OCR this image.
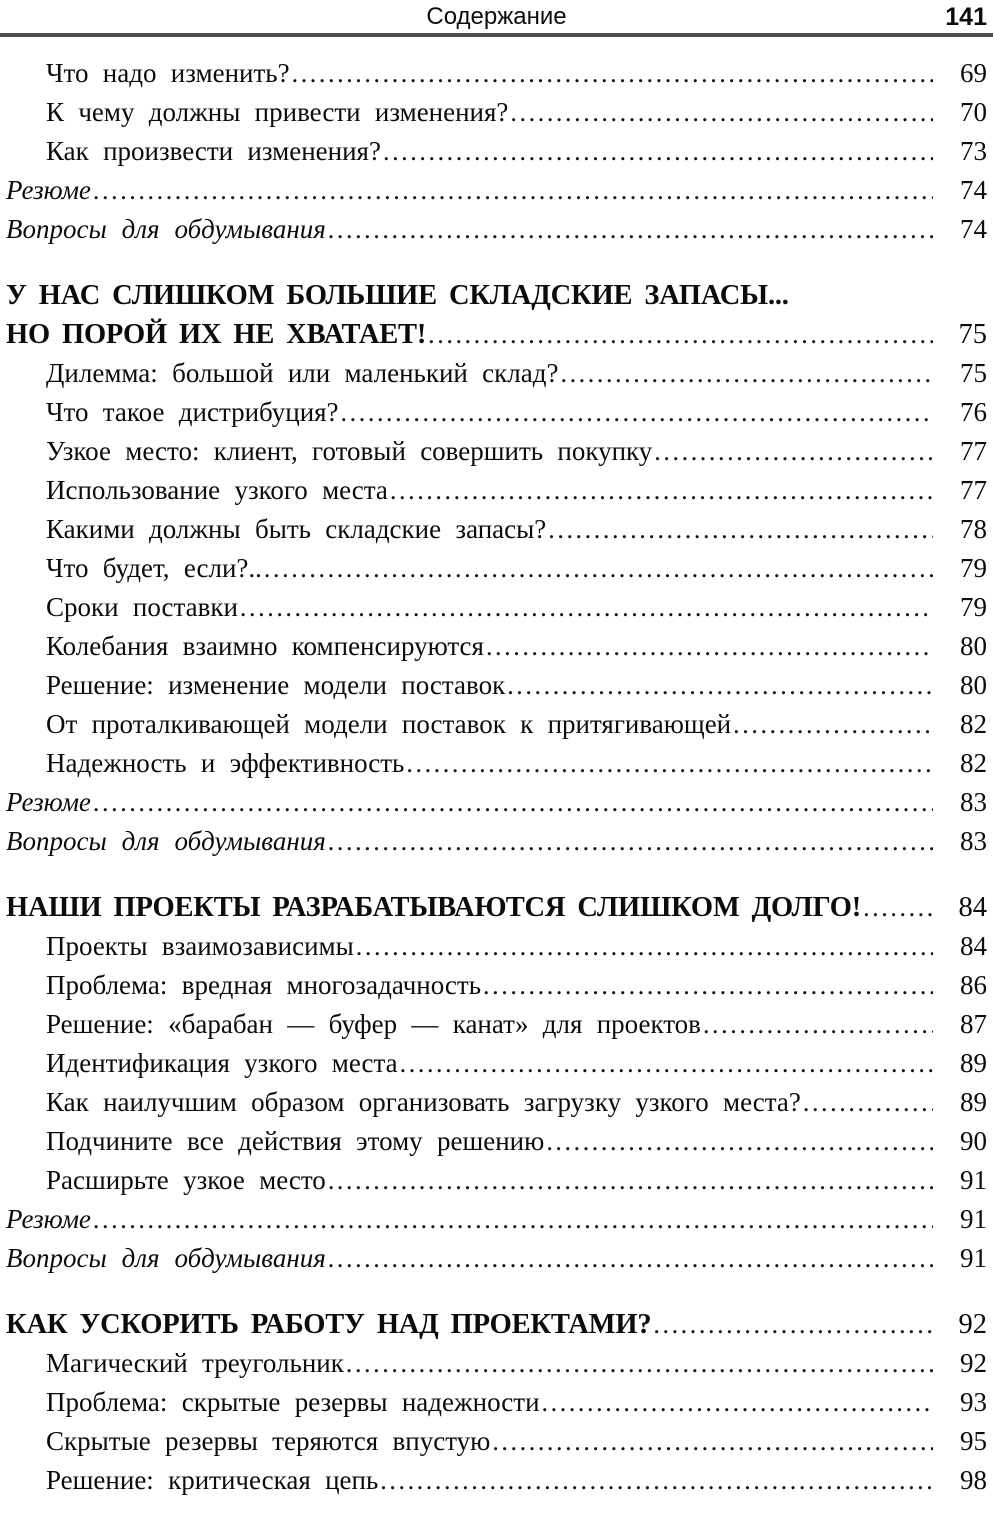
Содержание	141
Что надо изменить? .....	69
К чему должны привести изменения? .....	70
Как произвести изменения? .....	73
Резюме .....	74
Вопросы для обдумывания .....	74
У НАС СЛИШКОМ БОЛЬШИЕ СКЛАДСКИЕ ЗАПАСЫ...
НО ПОРОЙ ИХ НЕ ХВАТАЕТ! .....	75
Дилемма: большой или маленький склад? .....	75
Что такое дистрибуция? .....	76
Узкое место: клиент, готовый совершить покупку .....	77
Использование узкого места .....	77
Какими должны быть складские запасы? .....	78
Что будет, если?.. .....	79
Сроки поставки .....	79
Колебания взаимно компенсируются .....	80
Решение: изменение модели поставок .....	80
От проталкивающей модели поставок к притягивающей .....	82
Надежность и эффективность .....	82
Резюме .....	83
Вопросы для обдумывания .....	83
НАШИ ПРОЕКТЫ РАЗРАБАТЫВАЮТСЯ СЛИШКОМ ДОЛГО! .....	84
Проекты взаимозависимы .....	84
Проблема: вредная многозадачность .....	86
Решение: «барабан — буфер — канат» для проектов .....	87
Идентификация узкого места .....	89
Как наилучшим образом организовать загрузку узкого места? .....	89
Подчините все действия этому решению .....	90
Расширьте узкое место .....	91
Резюме .....	91
Вопросы для обдумывания .....	91
КАК УСКОРИТЬ РАБОТУ НАД ПРОЕКТАМИ? .....	92
Магический треугольник .....	92
Проблема: скрытые резервы надежности .....	93
Скрытые резервы теряются впустую .....	95
Решение: критическая цепь .....	98
